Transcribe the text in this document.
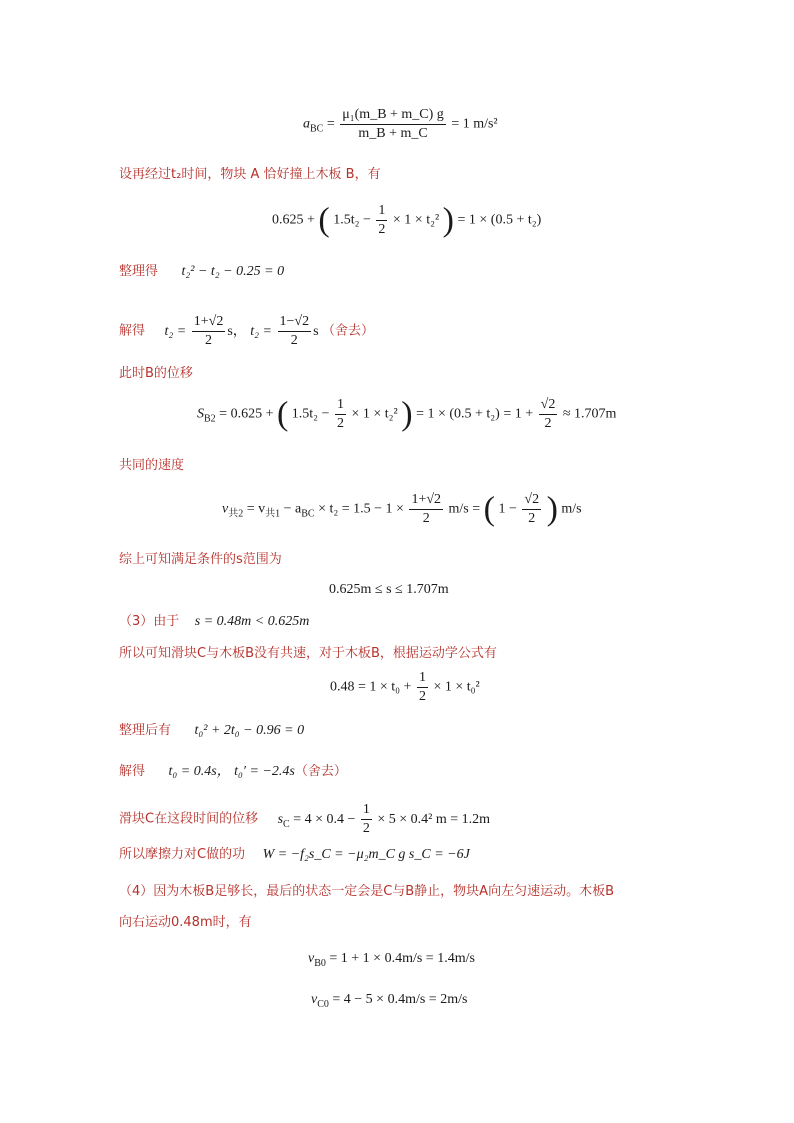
$a_{BC} = \frac{\text{μ₁(m\_B + m\_C) g}}{m\_B + m\_C} = 1$ m/s²
设再经过t₂时间，物块 A 恰好撞上木板 B，有
0.625 + ( $1.5t_2 - \frac{1}{2} \times 1 \times t_2^2$ ) = 1 × (0.5 + t₂)
整理得 t₂² − t₂ − 0.25 = 0
解得 $t_2 = \frac{1+√2}{2}$ s， $t_2 = \frac{1-√2}{2}$ s （舍去）
此时B的位移
$S_{B2} = 0.625$ + ( $1.5t_2 - \frac{1}{2} \times 1 \times t_2^2$ ) = $1 \times (0.5 + t_2) = 1 + \frac{√2}{2} \approx 1.707m$
共同的速度
$v_{共2} = v_{共1} - a_{BC} \times t_2 = 1.5 - 1 \times \frac{1+√2}{2} m/s$ = ( $1 - \frac{√2}{2}$ ) m/s
综上可知满足条件的s范围为
0.625m ≤ s ≤ 1.707m
（3）由于 s = 0.48m < 0.625m
所以可知滑块C与木板B没有共速，对于木板B，根据运动学公式有
$0.48 = 1 \times t_0 + \frac{1}{2} \times 1 \times t_0^2$
整理后有 t₀² + 2t₀ − 0.96 = 0
解得 t₀ = 0.4s， t₀′ = −2.4s（舍去）
滑块C在这段时间的位移 $s_C = 4 \times 0.4 - \frac{1}{2} \times 5 \times 0.4^2$ m = 1.2m
所以摩擦力对C做的功 W = −f₂s_C = −μ₂m_C g s_C = −6J
（4）因为木板B足够长，最后的状态一定会是C与B静止，物块A向左匀速运动。木板B
向右运动0.48m时，有
$v_{B0} = 1 + 1 \times 0.4m/s = 1.4m/s$
$v_{C0} = 4 - 5 \times 0.4m/s = 2m/s$
